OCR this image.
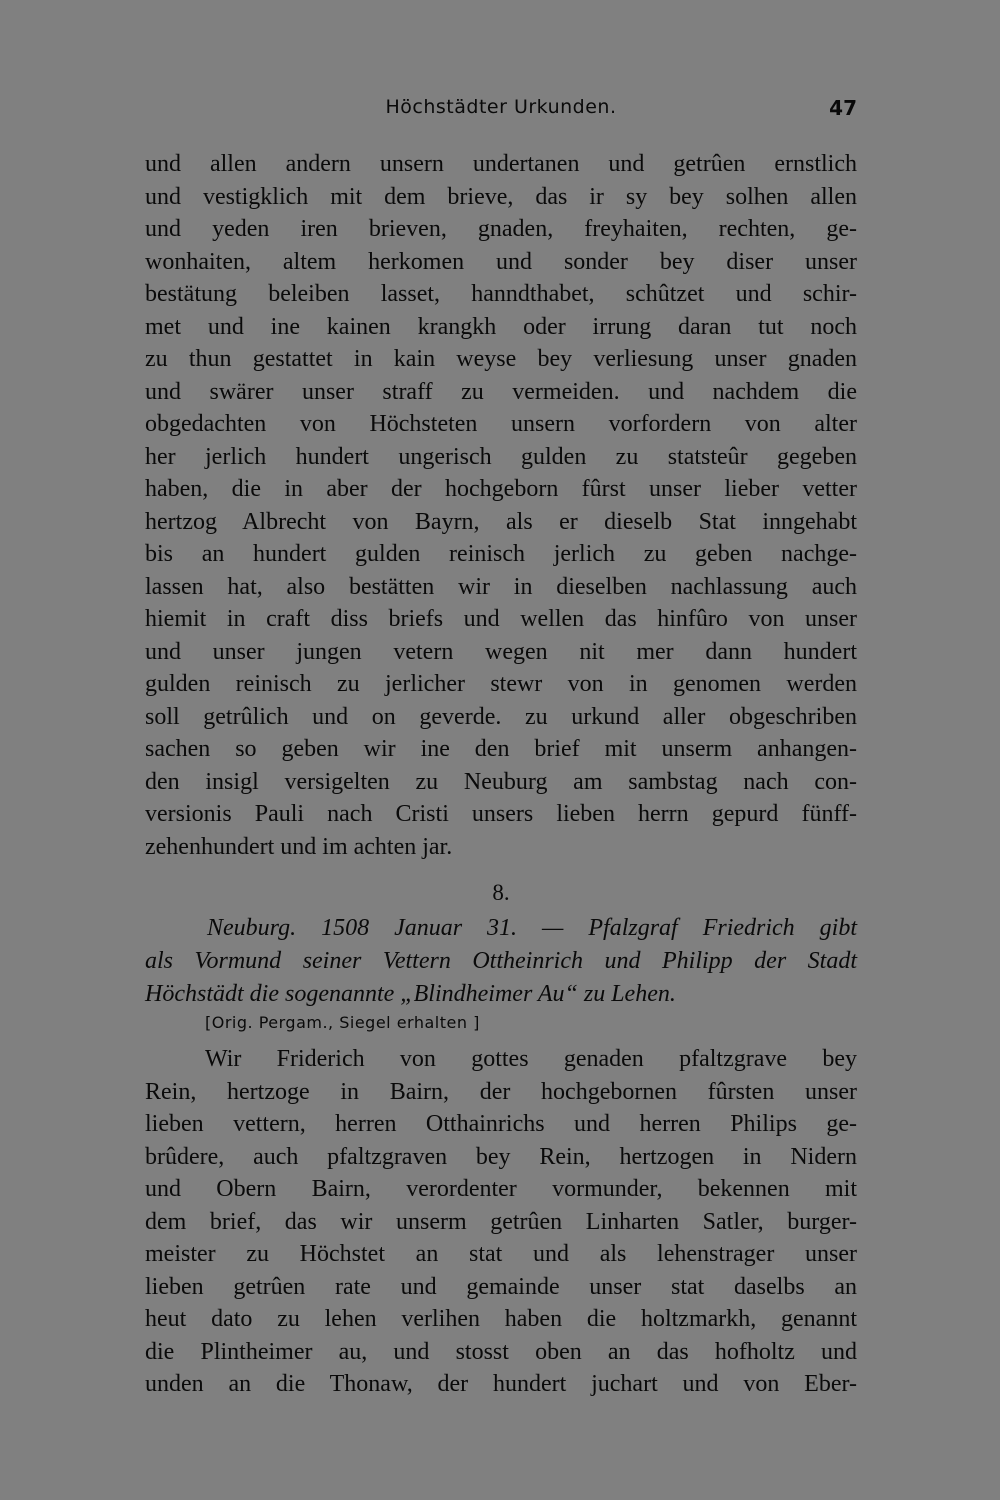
Höchstädter Urkunden.	47
und allen andern unsern undertanen und getrûen ernstlich
und vestigklich mit dem brieve, das ir sy bey solhen allen
und yeden iren brieven, gnaden, freyhaiten, rechten, ge-
wonhaiten, altem herkomen und sonder bey diser unser
bestätung beleiben lasset, hanndthabet, schûtzet und schir-
met und ine kainen krangkh oder irrung daran tut noch
zu thun gestattet in kain weyse bey verliesung unser gnaden
und swärer unser straff zu vermeiden. und nachdem die
obgedachten von Höchsteten unsern vorfordern von alter
her jerlich hundert ungerisch gulden zu statsteûr gegeben
haben, die in aber der hochgeborn fûrst unser lieber vetter
hertzog Albrecht von Bayrn, als er dieselb Stat inngehabt
bis an hundert gulden reinisch jerlich zu geben nachge-
lassen hat, also bestätten wir in dieselben nachlassung auch
hiemit in craft diss briefs und wellen das hinfûro von unser
und unser jungen vetern wegen nit mer dann hundert
gulden reinisch zu jerlicher stewr von in genomen werden
soll getrûlich und on geverde. zu urkund aller obgeschriben
sachen so geben wir ine den brief mit unserm anhangen-
den insigl versigelten zu Neuburg am sambstag nach con-
versionis Pauli nach Cristi unsers lieben herrn gepurd fünff-
zehenhundert und im achten jar.
8.
Neuburg. 1508 Januar 31. — Pfalzgraf Friedrich gibt
als Vormund seiner Vettern Ottheinrich und Philipp der Stadt
Höchstädt die sogenannte „Blindheimer Au“ zu Lehen.
[Orig. Pergam., Siegel erhalten ]
Wir Friderich von gottes genaden pfaltzgrave bey
Rein, hertzoge in Bairn, der hochgebornen fûrsten unser
lieben vettern, herren Otthainrichs und herren Philips ge-
brûdere, auch pfaltzgraven bey Rein, hertzogen in Nidern
und Obern Bairn, verordenter vormunder, bekennen mit
dem brief, das wir unserm getrûen Linharten Satler, burger-
meister zu Höchstet an stat und als lehenstrager unser
lieben getrûen rate und gemainde unser stat daselbs an
heut dato zu lehen verlihen haben die holtzmarkh, genannt
die Plintheimer au, und stosst oben an das hofholtz und
unden an die Thonaw, der hundert juchart und von Eber-
